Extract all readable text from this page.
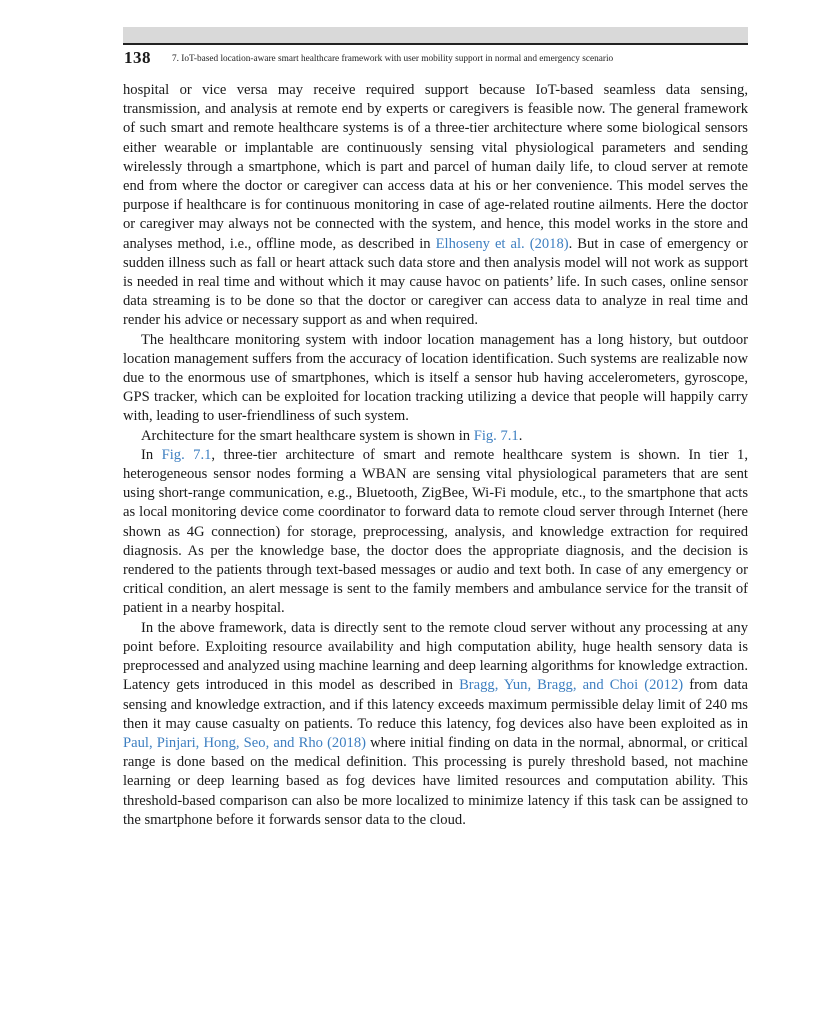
138 7. IoT-based location-aware smart healthcare framework with user mobility support in normal and emergency scenario

hospital or vice versa may receive required support because IoT-based seamless data sensing, transmission, and analysis at remote end by experts or caregivers is feasible now. The general framework of such smart and remote healthcare systems is of a three-tier architecture where some biological sensors either wearable or implantable are continuously sensing vital physiological parameters and sending wirelessly through a smartphone, which is part and parcel of human daily life, to cloud server at remote end from where the doctor or caregiver can access data at his or her convenience. This model serves the purpose if healthcare is for continuous monitoring in case of age-related routine ailments. Here the doctor or caregiver may always not be connected with the system, and hence, this model works in the store and analyses method, i.e., offline mode, as described in Elhoseny et al. (2018). But in case of emergency or sudden illness such as fall or heart attack such data store and then analysis model will not work as support is needed in real time and without which it may cause havoc on patients’ life. In such cases, online sensor data streaming is to be done so that the doctor or caregiver can access data to analyze in real time and render his advice or necessary support as and when required.

The healthcare monitoring system with indoor location management has a long history, but outdoor location management suffers from the accuracy of location identification. Such systems are realizable now due to the enormous use of smartphones, which is itself a sensor hub having accelerometers, gyroscope, GPS tracker, which can be exploited for location tracking utilizing a device that people will happily carry with, leading to user-friendliness of such system.

Architecture for the smart healthcare system is shown in Fig. 7.1.

In Fig. 7.1, three-tier architecture of smart and remote healthcare system is shown. In tier 1, heterogeneous sensor nodes forming a WBAN are sensing vital physiological parameters that are sent using short-range communication, e.g., Bluetooth, ZigBee, Wi-Fi module, etc., to the smartphone that acts as local monitoring device come coordinator to forward data to remote cloud server through Internet (here shown as 4G connection) for storage, preprocessing, analysis, and knowledge extraction for required diagnosis. As per the knowledge base, the doctor does the appropriate diagnosis, and the decision is rendered to the patients through text-based messages or audio and text both. In case of any emergency or critical condition, an alert message is sent to the family members and ambulance service for the transit of patient in a nearby hospital.

In the above framework, data is directly sent to the remote cloud server without any processing at any point before. Exploiting resource availability and high computation ability, huge health sensory data is preprocessed and analyzed using machine learning and deep learning algorithms for knowledge extraction. Latency gets introduced in this model as described in Bragg, Yun, Bragg, and Choi (2012) from data sensing and knowledge extraction, and if this latency exceeds maximum permissible delay limit of 240 ms then it may cause casualty on patients. To reduce this latency, fog devices also have been exploited as in Paul, Pinjari, Hong, Seo, and Rho (2018) where initial finding on data in the normal, abnormal, or critical range is done based on the medical definition. This processing is purely threshold based, not machine learning or deep learning based as fog devices have limited resources and computation ability. This threshold-based comparison can also be more localized to minimize latency if this task can be assigned to the smartphone before it forwards sensor data to the cloud.
